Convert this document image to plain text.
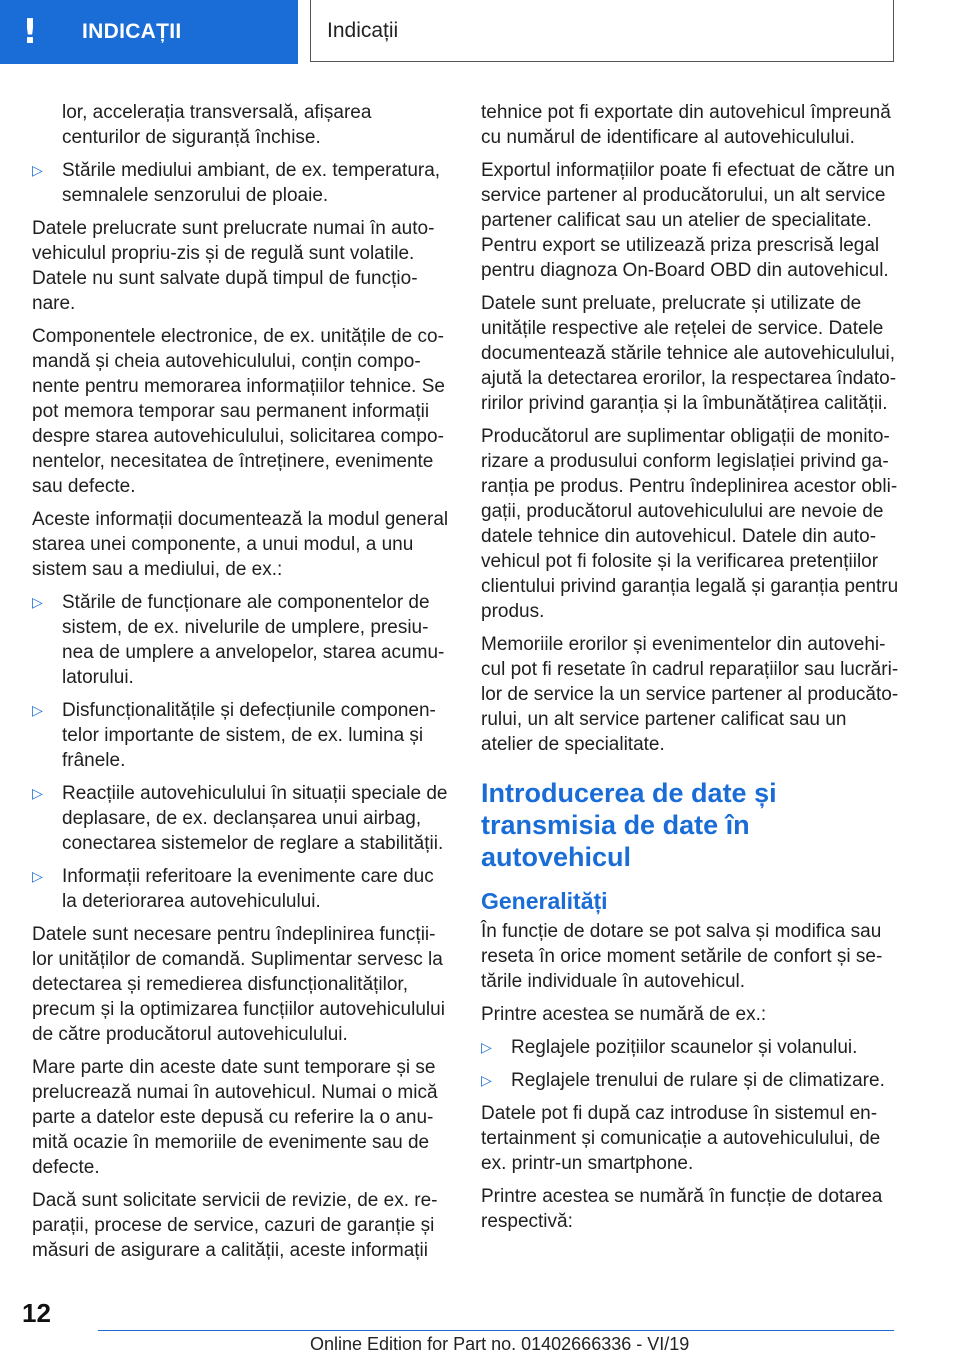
!	INDICAȚII	Indicații

lor, accelerația transversală, afișarea centurilor de siguranță închise.

▷	Stările mediului ambiant, de ex. temperatura, semnalele senzorului de ploaie.

Datele prelucrate sunt prelucrate numai în autovehiculul propriu-zis și de regulă sunt volatile. Datele nu sunt salvate după timpul de funcționare.

Componentele electronice, de ex. unitățile de comandă și cheia autovehiculului, conțin componente pentru memorarea informațiilor tehnice. Se pot memora temporar sau permanent informații despre starea autovehiculului, solicitarea componentelor, necesitatea de întreținere, evenimente sau defecte.

Aceste informații documentează la modul general starea unei componente, a unui modul, a unu sistem sau a mediului, de ex.:

▷	Stările de funcționare ale componentelor de sistem, de ex. nivelurile de umplere, presiunea de umplere a anvelopelor, starea acumulatorului.
▷	Disfuncționalitățile și defecțiunile componentelor importante de sistem, de ex. lumina și frânele.
▷	Reacțiile autovehiculului în situații speciale de deplasare, de ex. declanșarea unui airbag, conectarea sistemelor de reglare a stabilității.
▷	Informații referitoare la evenimente care duc la deteriorarea autovehiculului.

Datele sunt necesare pentru îndeplinirea funcțiilor unităților de comandă. Suplimentar servesc la detectarea și remedierea disfuncționalităților, precum și la optimizarea funcțiilor autovehiculului de către producătorul autovehiculului.

Mare parte din aceste date sunt temporare și se prelucrează numai în autovehicul. Numai o mică parte a datelor este depusă cu referire la o anumită ocazie în memoriile de evenimente sau de defecte.

Dacă sunt solicitate servicii de revizie, de ex. reparații, procese de service, cazuri de garanție și măsuri de asigurare a calității, aceste informații

tehnice pot fi exportate din autovehicul împreună cu numărul de identificare al autovehiculului.

Exportul informațiilor poate fi efectuat de către un service partener al producătorului, un alt service partener calificat sau un atelier de specialitate. Pentru export se utilizează priza prescrisă legal pentru diagnoza On-Board OBD din autovehicul.

Datele sunt preluate, prelucrate și utilizate de unitățile respective ale rețelei de service. Datele documentează stările tehnice ale autovehiculului, ajută la detectarea erorilor, la respectarea îndatoririlor privind garanția și la îmbunătățirea calității.

Producătorul are suplimentar obligații de monitorizare a produsului conform legislației privind garanția pe produs. Pentru îndeplinirea acestor obligații, producătorul autovehiculului are nevoie de datele tehnice din autovehicul. Datele din autovehicul pot fi folosite și la verificarea pretențiilor clientului privind garanția legală și garanția pentru produs.

Memoriile erorilor și evenimentelor din autovehicul pot fi resetate în cadrul reparațiilor sau lucrărilor de service la un service partener al producătorului, un alt service partener calificat sau un atelier de specialitate.

Introducerea de date și transmisia de date în autovehicul
Generalități

În funcție de dotare se pot salva și modifica sau reseta în orice moment setările de confort și setările individuale în autovehicul.

Printre acestea se numără de ex.:

▷	Reglajele pozițiilor scaunelor și volanului.
▷	Reglajele trenului de rulare și de climatizare.

Datele pot fi după caz introduse în sistemul entertainment și comunicație a autovehiculului, de ex. printr-un smartphone.

Printre acestea se numără în funcție de dotarea respectivă:

12
Online Edition for Part no. 01402666336 - VI/19
